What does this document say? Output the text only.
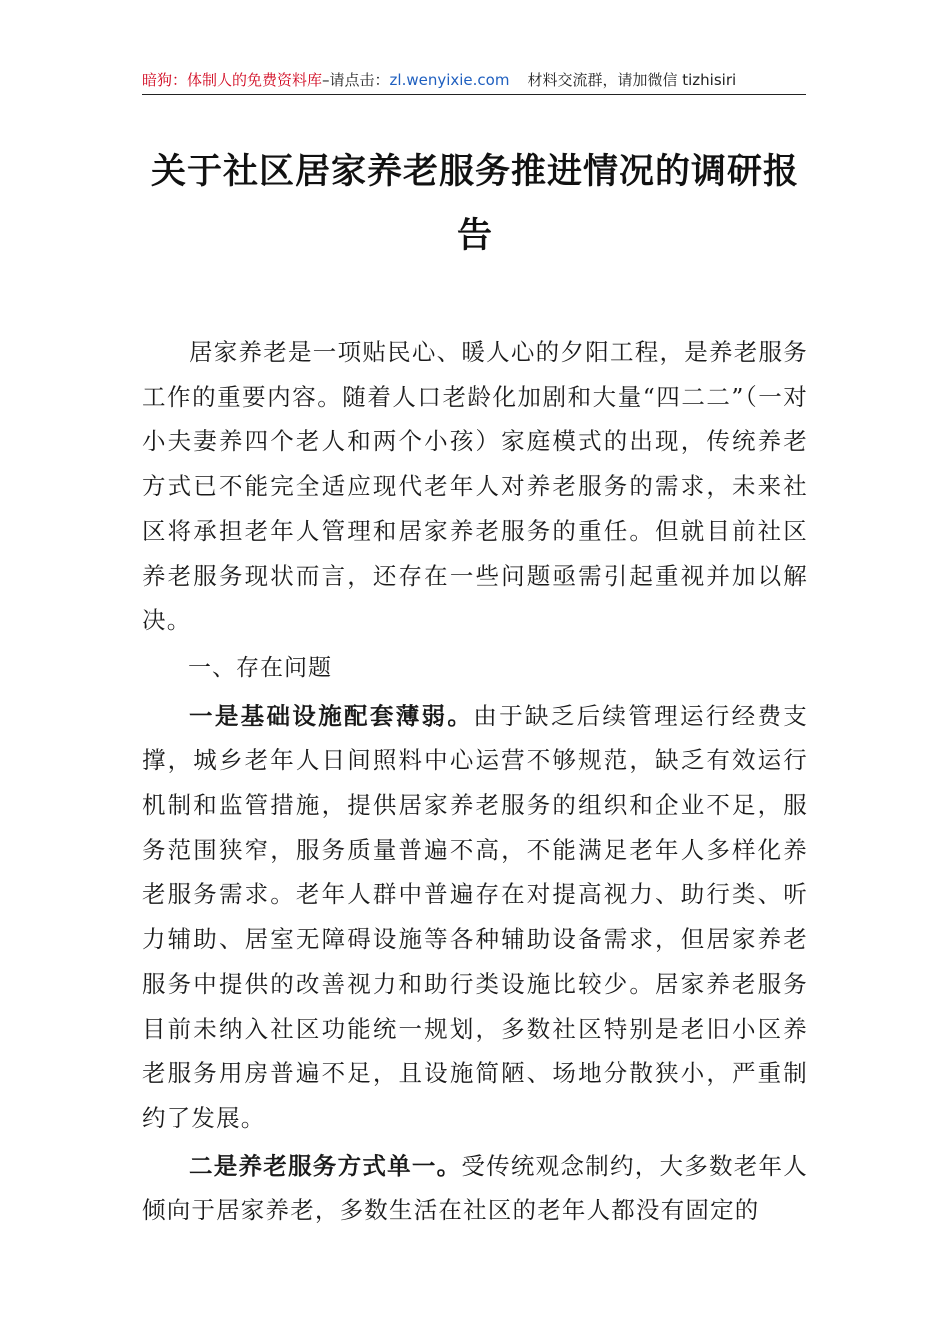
暗狗：体制人的免费资料库–请点击：zl.wenyixie.com 材料交流群，请加微信 tizhisiri
关于社区居家养老服务推进情况的调研报告

居家养老是一项贴民心、暖人心的夕阳工程，是养老服务工作的重要内容。随着人口老龄化加剧和大量“四二二”（一对小夫妻养四个老人和两个小孩）家庭模式的出现，传统养老方式已不能完全适应现代老年人对养老服务的需求，未来社区将承担老年人管理和居家养老服务的重任。但就目前社区养老服务现状而言，还存在一些问题亟需引起重视并加以解决。

一、存在问题

一是基础设施配套薄弱。由于缺乏后续管理运行经费支撑，城乡老年人日间照料中心运营不够规范，缺乏有效运行机制和监管措施，提供居家养老服务的组织和企业不足，服务范围狭窄，服务质量普遍不高，不能满足老年人多样化养老服务需求。老年人群中普遍存在对提高视力、助行类、听力辅助、居室无障碍设施等各种辅助设备需求，但居家养老服务中提供的改善视力和助行类设施比较少。居家养老服务目前未纳入社区功能统一规划，多数社区特别是老旧小区养老服务用房普遍不足，且设施简陋、场地分散狭小，严重制约了发展。

二是养老服务方式单一。受传统观念制约，大多数老年人倾向于居家养老，多数生活在社区的老年人都没有固定的
